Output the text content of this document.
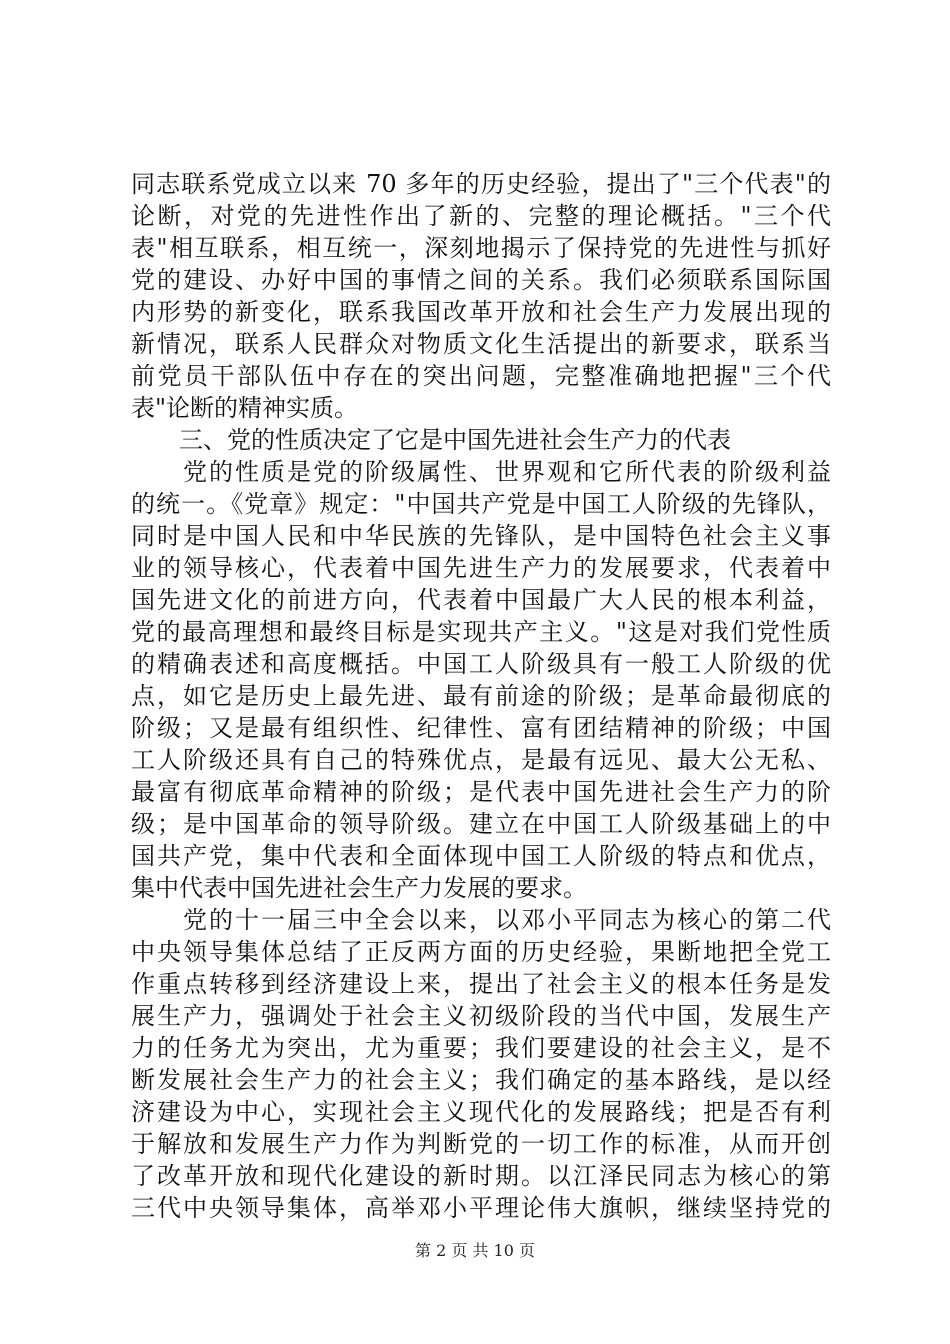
同志联系党成立以来 70 多年的历史经验，提出了"三个代表"的
论断，对党的先进性作出了新的、完整的理论概括。"三个代
表"相互联系，相互统一，深刻地揭示了保持党的先进性与抓好
党的建设、办好中国的事情之间的关系。我们必须联系国际国
内形势的新变化，联系我国改革开放和社会生产力发展出现的
新情况，联系人民群众对物质文化生活提出的新要求，联系当
前党员干部队伍中存在的突出问题，完整准确地把握"三个代
表"论断的精神实质。
　　三、党的性质决定了它是中国先进社会生产力的代表
　　党的性质是党的阶级属性、世界观和它所代表的阶级利益
的统一。《党章》规定："中国共产党是中国工人阶级的先锋队，
同时是中国人民和中华民族的先锋队，是中国特色社会主义事
业的领导核心，代表着中国先进生产力的发展要求，代表着中
国先进文化的前进方向，代表着中国最广大人民的根本利益，
党的最高理想和最终目标是实现共产主义。"这是对我们党性质
的精确表述和高度概括。中国工人阶级具有一般工人阶级的优
点，如它是历史上最先进、最有前途的阶级；是革命最彻底的
阶级；又是最有组织性、纪律性、富有团结精神的阶级；中国
工人阶级还具有自己的特殊优点，是最有远见、最大公无私、
最富有彻底革命精神的阶级；是代表中国先进社会生产力的阶
级；是中国革命的领导阶级。建立在中国工人阶级基础上的中
国共产党，集中代表和全面体现中国工人阶级的特点和优点，
集中代表中国先进社会生产力发展的要求。
　　党的十一届三中全会以来，以邓小平同志为核心的第二代
中央领导集体总结了正反两方面的历史经验，果断地把全党工
作重点转移到经济建设上来，提出了社会主义的根本任务是发
展生产力，强调处于社会主义初级阶段的当代中国，发展生产
力的任务尤为突出，尤为重要；我们要建设的社会主义，是不
断发展社会生产力的社会主义；我们确定的基本路线，是以经
济建设为中心，实现社会主义现代化的发展路线；把是否有利
于解放和发展生产力作为判断党的一切工作的标准，从而开创
了改革开放和现代化建设的新时期。以江泽民同志为核心的第
三代中央领导集体，高举邓小平理论伟大旗帜，继续坚持党的
第 2 页 共 10 页
